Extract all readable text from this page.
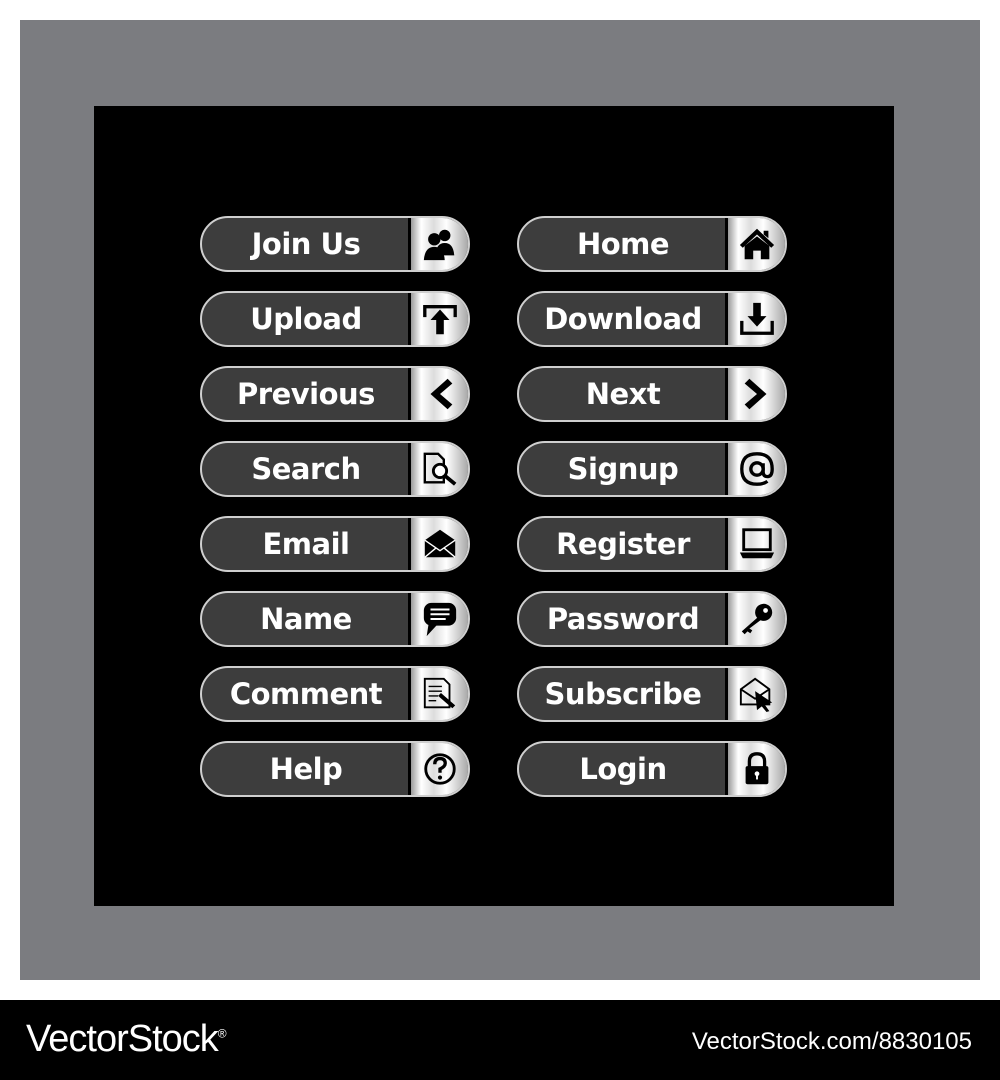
Join Us
Upload
Previous
Search
Email
Name
Comment
Help
Home
Download
Next
Signup
Register
Password
Subscribe
Login
VectorStock®	VectorStock.com/8830105
